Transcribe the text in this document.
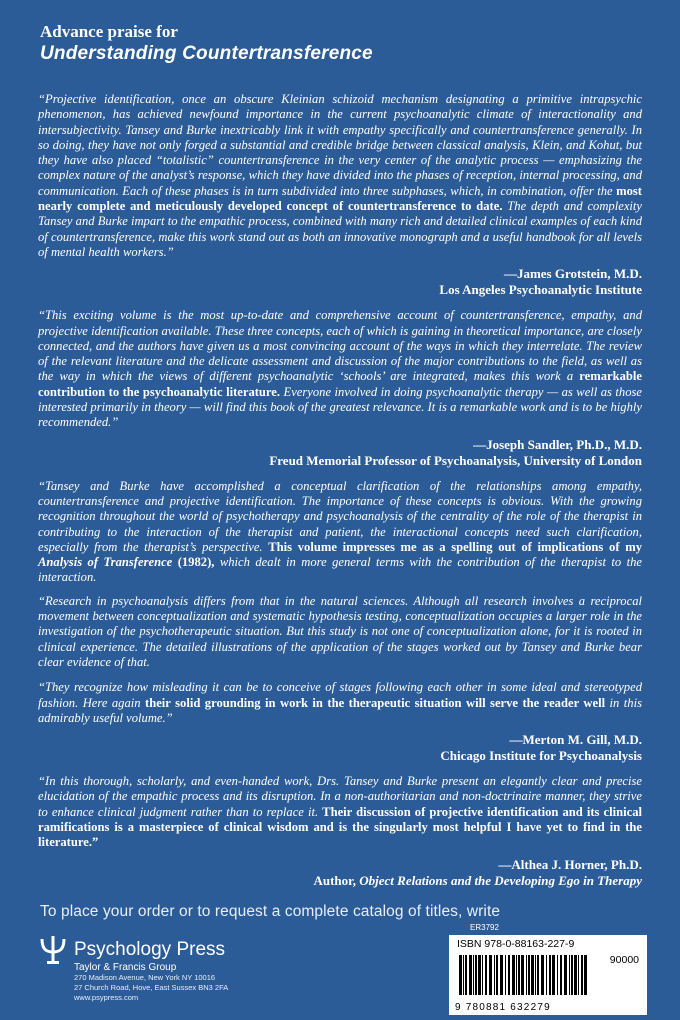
Advance praise for
Understanding Countertransference

“Projective identification, once an obscure Kleinian schizoid mechanism designating a primitive intrapsychic phenomenon, has achieved newfound importance in the current psychoanalytic climate of interactionality and intersubjectivity. Tansey and Burke inextricably link it with empathy specifically and countertransference generally. In so doing, they have not only forged a substantial and credible bridge between classical analysis, Klein, and Kohut, but they have also placed “totalistic” countertransference in the very center of the analytic process — emphasizing the complex nature of the analyst’s response, which they have divided into the phases of reception, internal processing, and communication. Each of these phases is in turn subdivided into three subphases, which, in combination, offer the most nearly complete and meticulously developed concept of countertransference to date. The depth and complexity Tansey and Burke impart to the empathic process, combined with many rich and detailed clinical examples of each kind of countertransference, make this work stand out as both an innovative monograph and a useful handbook for all levels of mental health workers.”

—James Grotstein, M.D.
Los Angeles Psychoanalytic Institute

“This exciting volume is the most up-to-date and comprehensive account of countertransference, empathy, and projective identification available. These three concepts, each of which is gaining in theoretical importance, are closely connected, and the authors have given us a most convincing account of the ways in which they interrelate. The review of the relevant literature and the delicate assessment and discussion of the major contributions to the field, as well as the way in which the views of different psychoanalytic ‘schools’ are integrated, makes this work a remarkable contribution to the psychoanalytic literature. Everyone involved in doing psychoanalytic therapy — as well as those interested primarily in theory — will find this book of the greatest relevance. It is a remarkable work and is to be highly recommended.”

—Joseph Sandler, Ph.D., M.D.
Freud Memorial Professor of Psychoanalysis, University of London

“Tansey and Burke have accomplished a conceptual clarification of the relationships among empathy, countertransference and projective identification. The importance of these concepts is obvious. With the growing recognition throughout the world of psychotherapy and psychoanalysis of the centrality of the role of the therapist in contributing to the interaction of the therapist and patient, the interactional concepts need such clarification, especially from the therapist’s perspective. This volume impresses me as a spelling out of implications of my Analysis of Transference (1982), which dealt in more general terms with the contribution of the therapist to the interaction.

“Research in psychoanalysis differs from that in the natural sciences. Although all research involves a reciprocal movement between conceptualization and systematic hypothesis testing, conceptualization occupies a larger role in the investigation of the psychotherapeutic situation. But this study is not one of conceptualization alone, for it is rooted in clinical experience. The detailed illustrations of the application of the stages worked out by Tansey and Burke bear clear evidence of that.

“They recognize how misleading it can be to conceive of stages following each other in some ideal and stereotyped fashion. Here again their solid grounding in work in the therapeutic situation will serve the reader well in this admirably useful volume.”

—Merton M. Gill, M.D.
Chicago Institute for Psychoanalysis

“In this thorough, scholarly, and even-handed work, Drs. Tansey and Burke present an elegantly clear and precise elucidation of the empathic process and its disruption. In a non-authoritarian and non-doctrinaire manner, they strive to enhance clinical judgment rather than to replace it. Their discussion of projective identification and its clinical ramifications is a masterpiece of clinical wisdom and is the singularly most helpful I have yet to find in the literature.”

—Althea J. Horner, Ph.D.
Author, Object Relations and the Developing Ego in Therapy
To place your order or to request a complete catalog of titles, write
Psychology Press
Taylor & Francis Group
270 Madison Avenue, New York NY 10016
27 Church Road, Hove, East Sussex BN3 2FA
www.psypress.com
ER3792
ISBN 978-0-88163-227-9
90000
9 780881 632279
